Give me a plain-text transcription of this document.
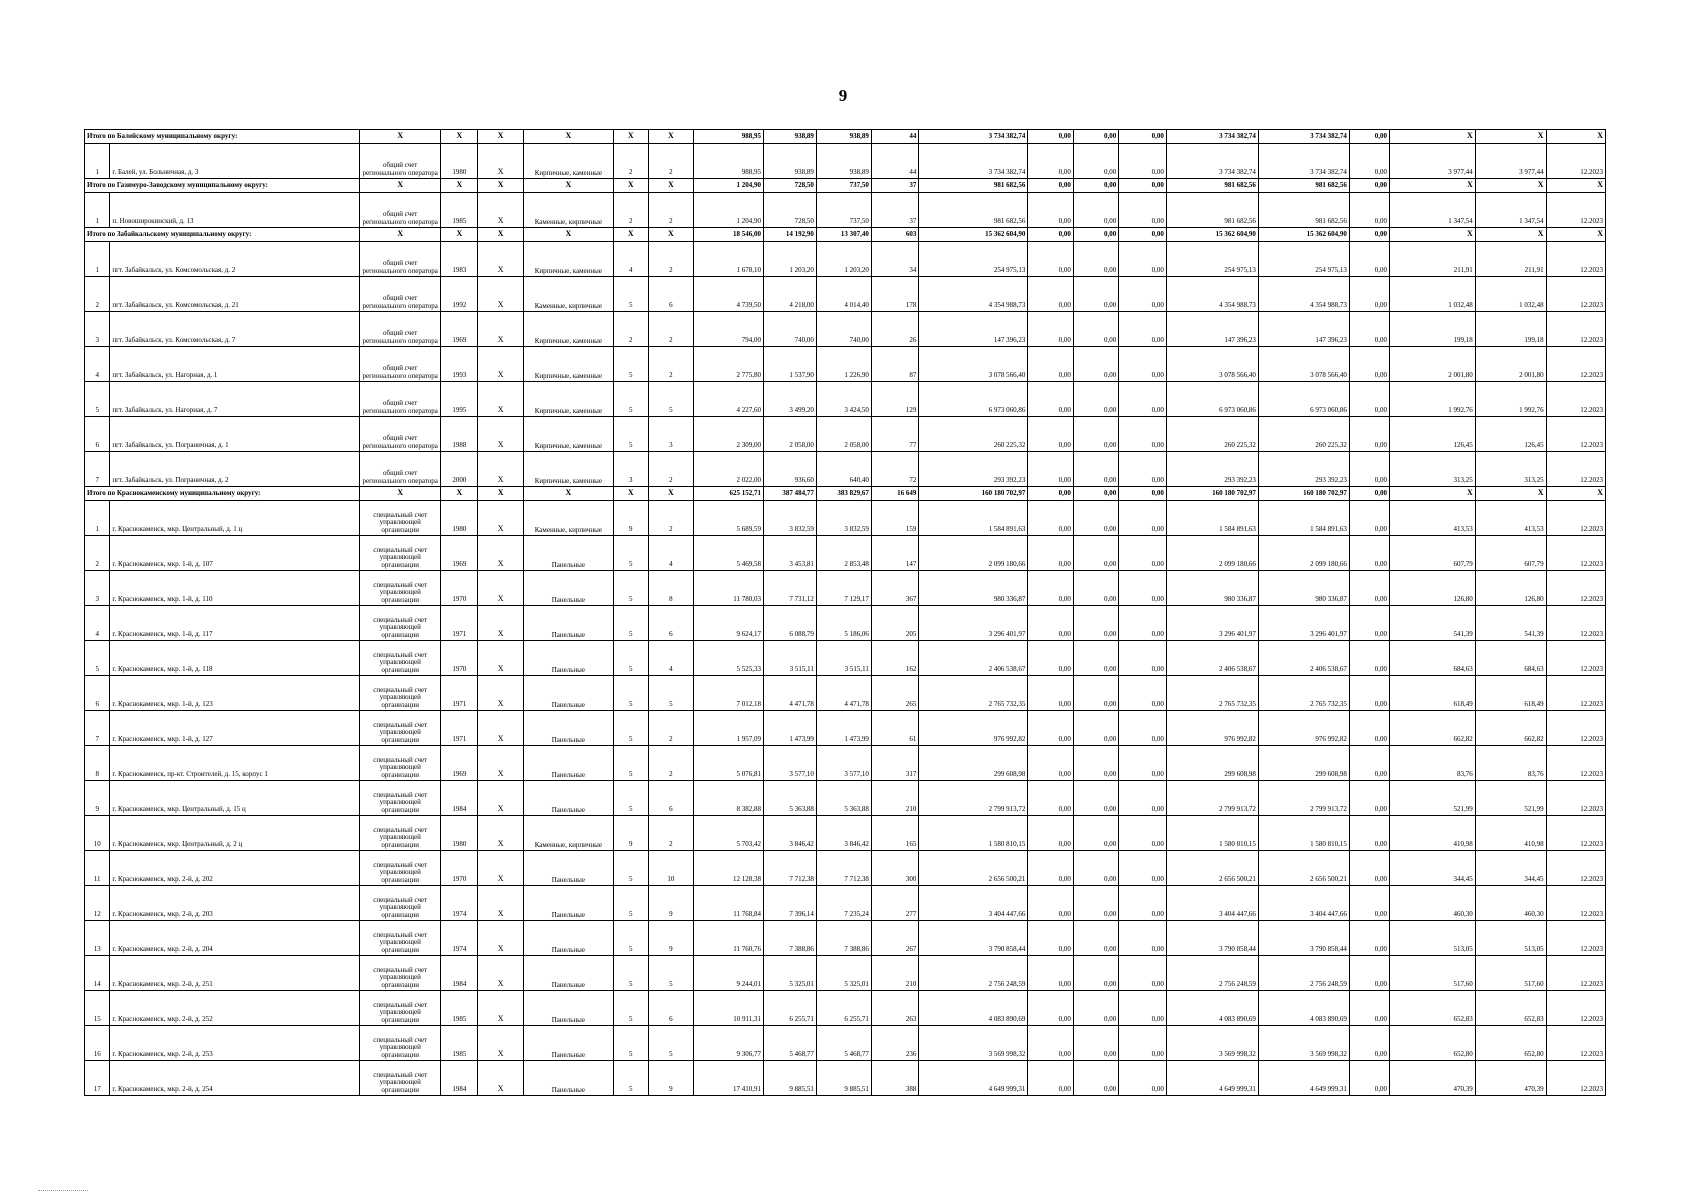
9
Итого по Балейскому муниципальному округу:		X	X	X	X	X	X	988,95	938,89	938,89	44	3 734 382,74	0,00	0,00	0,00	3 734 382,74	3 734 382,74	0,00	X	X	X
1	г. Балей, ул. Больничная, д. 3	общий счет регионального оператора	1980	X	Кирпичные, каменные	2	2	988,95	938,89	938,89	44	3 734 382,74	0,00	0,00	0,00	3 734 382,74	3 734 382,74	0,00	3 977,44	3 977,44	12.2023
Итого по Газимуро-Заводскому муниципальному округу:		X	X	X	X	X	X	1 204,90	728,50	737,50	37	981 682,56	0,00	0,00	0,00	981 682,56	981 682,56	0,00	X	X	X
1	п. Новоширокинский, д. 13	общий счет регионального оператора	1985	X	Каменные, кирпичные	2	2	1 204,90	728,50	737,50	37	981 682,56	0,00	0,00	0,00	981 682,56	981 682,56	0,00	1 347,54	1 347,54	12.2023
Итого по Забайкальскому муниципальному округу:		X	X	X	X	X	X	18 546,00	14 192,90	13 307,40	603	15 362 604,90	0,00	0,00	0,00	15 362 604,90	15 362 604,90	0,00	X	X	X
1	пгт. Забайкальск, ул. Комсомольская, д. 2	общий счет регионального оператора	1983	X	Кирпичные, каменные	4	2	1 678,10	1 203,20	1 203,20	34	254 975,13	0,00	0,00	0,00	254 975,13	254 975,13	0,00	211,91	211,91	12.2023
2	пгт. Забайкальск, ул. Комсомольская, д. 21	общий счет регионального оператора	1992	X	Каменные, кирпичные	5	6	4 739,50	4 218,00	4 014,40	178	4 354 988,73	0,00	0,00	0,00	4 354 988,73	4 354 988,73	0,00	1 032,48	1 032,48	12.2023
3	пгт. Забайкальск, ул. Комсомольская, д. 7	общий счет регионального оператора	1969	X	Кирпичные, каменные	2	2	794,00	740,00	740,00	26	147 396,23	0,00	0,00	0,00	147 396,23	147 396,23	0,00	199,18	199,18	12.2023
4	пгт. Забайкальск, ул. Нагорная, д. 1	общий счет регионального оператора	1993	X	Кирпичные, каменные	5	2	2 775,80	1 537,90	1 226,90	87	3 078 566,40	0,00	0,00	0,00	3 078 566,40	3 078 566,40	0,00	2 001,80	2 001,80	12.2023
5	пгт. Забайкальск, ул. Нагорная, д. 7	общий счет регионального оператора	1995	X	Кирпичные, каменные	5	5	4 227,60	3 499,20	3 424,50	129	6 973 060,86	0,00	0,00	0,00	6 973 060,86	6 973 060,86	0,00	1 992,76	1 992,76	12.2023
6	пгт. Забайкальск, ул. Пограничная, д. 1	общий счет регионального оператора	1988	X	Кирпичные, каменные	5	3	2 309,00	2 058,00	2 058,00	77	260 225,32	0,00	0,00	0,00	260 225,32	260 225,32	0,00	126,45	126,45	12.2023
7	пгт. Забайкальск, ул. Пограничная, д. 2	общий счет регионального оператора	2000	X	Кирпичные, каменные	3	2	2 022,00	936,60	640,40	72	293 392,23	0,00	0,00	0,00	293 392,23	293 392,23	0,00	313,25	313,25	12.2023
Итого по Краснокаменскому муниципальному округу:		X	X	X	X	X	X	625 152,71	387 484,77	383 829,67	16 649	160 180 702,97	0,00	0,00	0,00	160 180 702,97	160 180 702,97	0,00	X	X	X
1	г. Краснокаменск, мкр. Центральный, д. 1 ц	специальный счет управляющей организации	1980	X	Каменные, кирпичные	9	2	5 689,59	3 832,59	3 832,59	159	1 584 891,63	0,00	0,00	0,00	1 584 891,63	1 584 891,63	0,00	413,53	413,53	12.2023
2	г. Краснокаменск, мкр. 1-й, д. 107	специальный счет управляющей организации	1969	X	Панельные	5	4	5 469,58	3 453,81	2 853,48	147	2 099 180,66	0,00	0,00	0,00	2 099 180,66	2 099 180,66	0,00	607,79	607,79	12.2023
3	г. Краснокаменск, мкр. 1-й, д. 110	специальный счет управляющей организации	1970	X	Панельные	5	8	11 780,03	7 731,12	7 129,17	367	980 336,87	0,00	0,00	0,00	980 336,87	980 336,87	0,00	126,80	126,80	12.2023
4	г. Краснокаменск, мкр. 1-й, д. 117	специальный счет управляющей организации	1971	X	Панельные	5	6	9 624,17	6 088,79	5 186,06	205	3 296 401,97	0,00	0,00	0,00	3 296 401,97	3 296 401,97	0,00	541,39	541,39	12.2023
5	г. Краснокаменск, мкр. 1-й, д. 118	специальный счет управляющей организации	1970	X	Панельные	5	4	5 525,33	3 515,11	3 515,11	162	2 406 538,67	0,00	0,00	0,00	2 406 538,67	2 406 538,67	0,00	684,63	684,63	12.2023
6	г. Краснокаменск, мкр. 1-й, д. 123	специальный счет управляющей организации	1971	X	Панельные	5	5	7 012,18	4 471,78	4 471,78	265	2 765 732,35	0,00	0,00	0,00	2 765 732,35	2 765 732,35	0,00	618,49	618,49	12.2023
7	г. Краснокаменск, мкр. 1-й, д. 127	специальный счет управляющей организации	1971	X	Панельные	5	2	1 957,09	1 473,99	1 473,99	61	976 992,82	0,00	0,00	0,00	976 992,82	976 992,82	0,00	662,82	662,82	12.2023
8	г. Краснокаменск, пр-кт. Строителей, д. 15, корпус 1	специальный счет управляющей организации	1969	X	Панельные	5	2	5 076,81	3 577,10	3 577,10	317	299 608,98	0,00	0,00	0,00	299 608,98	299 608,98	0,00	83,76	83,76	12.2023
9	г. Краснокаменск, мкр. Центральный, д. 15 ц	специальный счет управляющей организации	1984	X	Панельные	5	6	8 382,88	5 363,88	5 363,88	210	2 799 913,72	0,00	0,00	0,00	2 799 913,72	2 799 913,72	0,00	521,99	521,99	12.2023
10	г. Краснокаменск, мкр. Центральный, д. 2 ц	специальный счет управляющей организации	1980	X	Каменные, кирпичные	9	2	5 703,42	3 846,42	3 846,42	165	1 580 810,15	0,00	0,00	0,00	1 580 810,15	1 580 810,15	0,00	410,98	410,98	12.2023
11	г. Краснокаменск, мкр. 2-й, д. 202	специальный счет управляющей организации	1970	X	Панельные	5	10	12 128,38	7 712,38	7 712,38	300	2 656 500,21	0,00	0,00	0,00	2 656 500,21	2 656 500,21	0,00	344,45	344,45	12.2023
12	г. Краснокаменск, мкр. 2-й, д. 203	специальный счет управляющей организации	1974	X	Панельные	5	9	11 768,84	7 396,14	7 235,24	277	3 404 447,66	0,00	0,00	0,00	3 404 447,66	3 404 447,66	0,00	460,30	460,30	12.2023
13	г. Краснокаменск, мкр. 2-й, д. 204	специальный счет управляющей организации	1974	X	Панельные	5	9	11 760,76	7 388,86	7 388,86	267	3 790 858,44	0,00	0,00	0,00	3 790 858,44	3 790 858,44	0,00	513,05	513,05	12.2023
14	г. Краснокаменск, мкр. 2-й, д. 251	специальный счет управляющей организации	1984	X	Панельные	5	5	9 244,01	5 325,01	5 325,01	210	2 756 248,59	0,00	0,00	0,00	2 756 248,59	2 756 248,59	0,00	517,60	517,60	12.2023
15	г. Краснокаменск, мкр. 2-й, д. 252	специальный счет управляющей организации	1985	X	Панельные	5	6	10 911,31	6 255,71	6 255,71	263	4 083 890,69	0,00	0,00	0,00	4 083 890,69	4 083 890,69	0,00	652,83	652,83	12.2023
16	г. Краснокаменск, мкр. 2-й, д. 253	специальный счет управляющей организации	1985	X	Панельные	5	5	9 306,77	5 468,77	5 468,77	236	3 569 998,32	0,00	0,00	0,00	3 569 998,32	3 569 998,32	0,00	652,80	652,80	12.2023
17	г. Краснокаменск, мкр. 2-й, д. 254	специальный счет управляющей организации	1984	X	Панельные	5	9	17 410,91	9 885,51	9 885,51	388	4 649 999,31	0,00	0,00	0,00	4 649 999,31	4 649 999,31	0,00	470,39	470,39	12.2023
